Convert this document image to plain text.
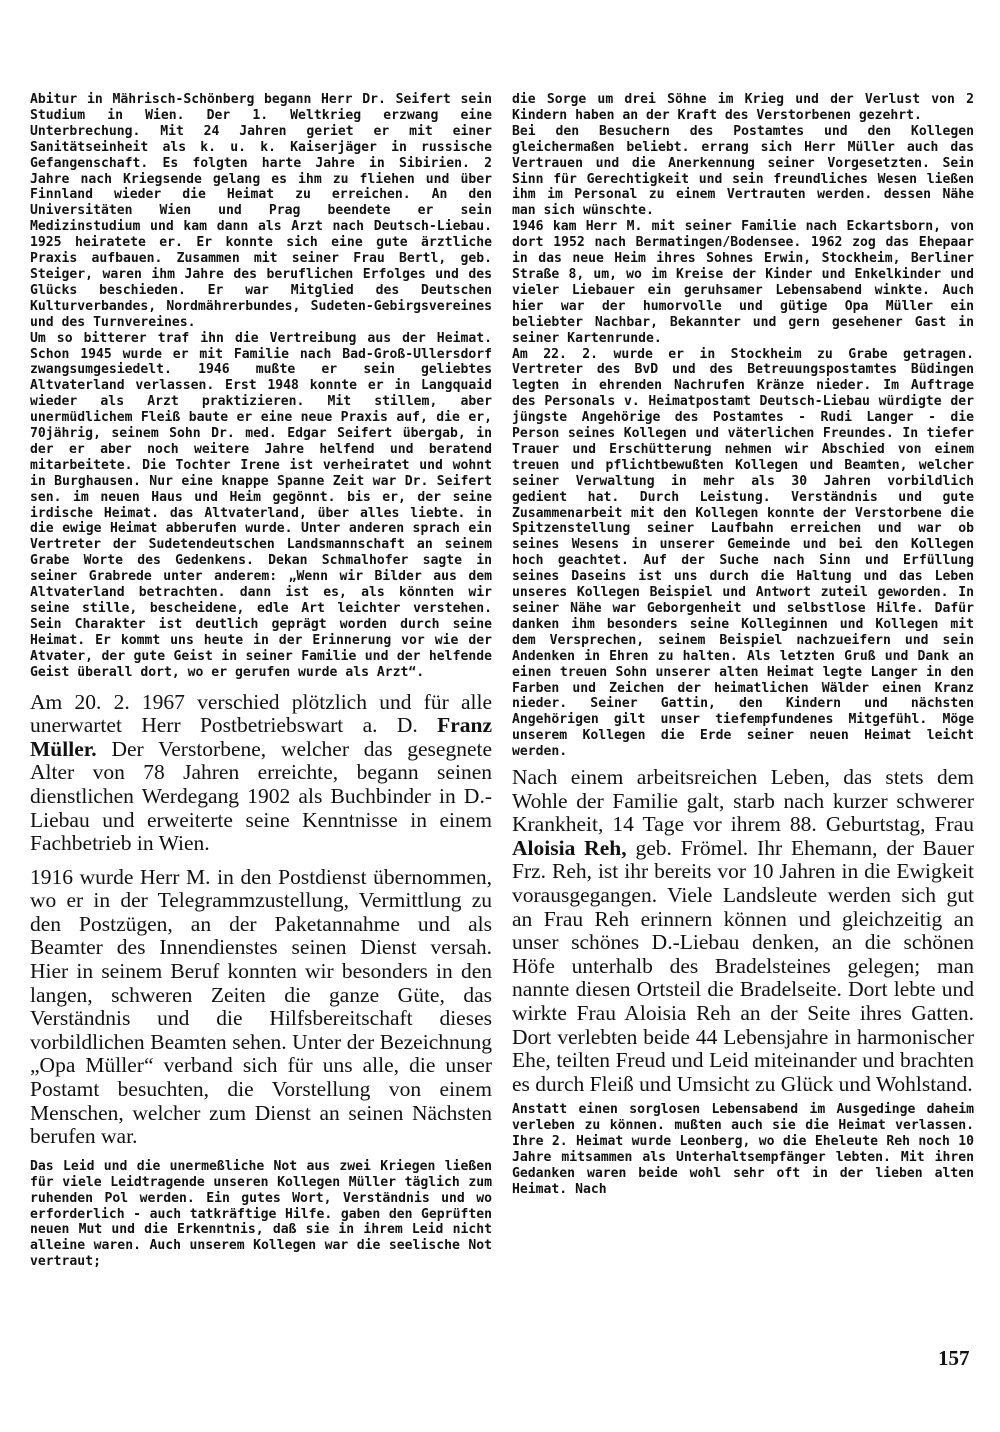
Abitur in Mährisch-Schönberg begann Herr Dr. Seifert sein Studium in Wien. Der 1. Weltkrieg erzwang eine Unterbrechung. Mit 24 Jahren geriet er mit einer Sanitätseinheit als k. u. k. Kaiserjäger in russische Gefangenschaft. Es folgten harte Jahre in Sibirien. 2 Jahre nach Kriegsende gelang es ihm zu fliehen und über Finnland wieder die Heimat zu erreichen. An den Universitäten Wien und Prag beendete er sein Medizinstudium und kam dann als Arzt nach Deutsch-Liebau. 1925 heiratete er. Er konnte sich eine gute ärztliche Praxis aufbauen. Zusammen mit seiner Frau Bertl, geb. Steiger, waren ihm Jahre des beruflichen Erfolges und des Glücks beschieden. Er war Mitglied des Deutschen Kulturverbandes, Nordmährerbundes, Sudeten-Gebirgsvereines und des Turnvereines.

Um so bitterer traf ihn die Vertreibung aus der Heimat. Schon 1945 wurde er mit Familie nach Bad-Groß-Ullersdorf zwangsumgesiedelt. 1946 mußte er sein geliebtes Altvaterland verlassen. Erst 1948 konnte er in Langquaid wieder als Arzt praktizieren. Mit stillem, aber unermüdlichem Fleiß baute er eine neue Praxis auf, die er, 70jährig, seinem Sohn Dr. med. Edgar Seifert übergab, in der er aber noch weitere Jahre helfend und beratend mitarbeitete. Die Tochter Irene ist verheiratet und wohnt in Burghausen. Nur eine knappe Spanne Zeit war Dr. Seifert sen. im neuen Haus und Heim gegönnt. bis er, der seine irdische Heimat. das Altvaterland, über alles liebte. in die ewige Heimat abberufen wurde. Unter anderen sprach ein Vertreter der Sudetendeutschen Landsmannschaft an seinem Grabe Worte des Gedenkens. Dekan Schmalhofer sagte in seiner Grabrede unter anderem: „Wenn wir Bilder aus dem Altvaterland betrachten. dann ist es, als könnten wir seine stille, bescheidene, edle Art leichter verstehen. Sein Charakter ist deutlich geprägt worden durch seine Heimat. Er kommt uns heute in der Erinnerung vor wie der Atvater, der gute Geist in seiner Familie und der helfende Geist überall dort, wo er gerufen wurde als Arzt“.

Am 20. 2. 1967 verschied plötzlich und für alle unerwartet Herr Postbetriebswart a. D. Franz Müller. Der Verstorbene, welcher das gesegnete Alter von 78 Jahren erreichte, begann seinen dienstlichen Werdegang 1902 als Buchbinder in D.-Liebau und erweiterte seine Kenntnisse in einem Fachbetrieb in Wien.

1916 wurde Herr M. in den Postdienst übernommen, wo er in der Telegrammzustellung, Vermittlung zu den Postzügen, an der Paketannahme und als Beamter des Innendienstes seinen Dienst versah. Hier in seinem Beruf konnten wir besonders in den langen, schweren Zeiten die ganze Güte, das Verständnis und die Hilfsbereitschaft dieses vorbildlichen Beamten sehen. Unter der Bezeichnung „Opa Müller“ verband sich für uns alle, die unser Postamt besuchten, die Vorstellung von einem Menschen, welcher zum Dienst an seinen Nächsten berufen war.

Das Leid und die unermeßliche Not aus zwei Kriegen ließen für viele Leidtragende unseren Kollegen Müller täglich zum ruhenden Pol werden. Ein gutes Wort, Verständnis und wo erforderlich - auch tatkräftige Hilfe. gaben den Geprüften neuen Mut und die Erkenntnis, daß sie in ihrem Leid nicht alleine waren. Auch unserem Kollegen war die seelische Not vertraut;

die Sorge um drei Söhne im Krieg und der Verlust von 2 Kindern haben an der Kraft des Verstorbenen gezehrt.

Bei den Besuchern des Postamtes und den Kollegen gleichermaßen beliebt. errang sich Herr Müller auch das Vertrauen und die Anerkennung seiner Vorgesetzten. Sein Sinn für Gerechtigkeit und sein freundliches Wesen ließen ihm im Personal zu einem Vertrauten werden. dessen Nähe man sich wünschte.

1946 kam Herr M. mit seiner Familie nach Eckartsborn, von dort 1952 nach Bermatingen/Bodensee. 1962 zog das Ehepaar in das neue Heim ihres Sohnes Erwin, Stockheim, Berliner Straße 8, um, wo im Kreise der Kinder und Enkelkinder und vieler Liebauer ein geruhsamer Lebensabend winkte. Auch hier war der humorvolle und gütige Opa Müller ein beliebter Nachbar, Bekannter und gern gesehener Gast in seiner Kartenrunde.

Am 22. 2. wurde er in Stockheim zu Grabe getragen. Vertreter des BvD und des Betreuungspostamtes Büdingen legten in ehrenden Nachrufen Kränze nieder. Im Auftrage des Personals v. Heimatpostamt Deutsch-Liebau würdigte der jüngste Angehörige des Postamtes - Rudi Langer - die Person seines Kollegen und väterlichen Freundes. In tiefer Trauer und Erschütterung nehmen wir Abschied von einem treuen und pflichtbewußten Kollegen und Beamten, welcher seiner Verwaltung in mehr als 30 Jahren vorbildlich gedient hat. Durch Leistung. Verständnis und gute Zusammenarbeit mit den Kollegen konnte der Verstorbene die Spitzenstellung seiner Laufbahn erreichen und war ob seines Wesens in unserer Gemeinde und bei den Kollegen hoch geachtet. Auf der Suche nach Sinn und Erfüllung seines Daseins ist uns durch die Haltung und das Leben unseres Kollegen Beispiel und Antwort zuteil geworden. In seiner Nähe war Geborgenheit und selbstlose Hilfe. Dafür danken ihm besonders seine Kolleginnen und Kollegen mit dem Versprechen, seinem Beispiel nachzueifern und sein Andenken in Ehren zu halten. Als letzten Gruß und Dank an einen treuen Sohn unserer alten Heimat legte Langer in den Farben und Zeichen der heimatlichen Wälder einen Kranz nieder. Seiner Gattin, den Kindern und nächsten Angehörigen gilt unser tiefempfundenes Mitgefühl. Möge unserem Kollegen die Erde seiner neuen Heimat leicht werden.

Nach einem arbeitsreichen Leben, das stets dem Wohle der Familie galt, starb nach kurzer schwerer Krankheit, 14 Tage vor ihrem 88. Geburtstag, Frau Aloisia Reh, geb. Frömel. Ihr Ehemann, der Bauer Frz. Reh, ist ihr bereits vor 10 Jahren in die Ewigkeit vorausgegangen. Viele Landsleute werden sich gut an Frau Reh erinnern können und gleichzeitig an unser schönes D.-Liebau denken, an die schönen Höfe unterhalb des Bradelsteines gelegen; man nannte diesen Ortsteil die Bradelseite. Dort lebte und wirkte Frau Aloisia Reh an der Seite ihres Gatten. Dort verlebten beide 44 Lebensjahre in harmonischer Ehe, teilten Freud und Leid miteinander und brachten es durch Fleiß und Umsicht zu Glück und Wohlstand.

Anstatt einen sorglosen Lebensabend im Ausgedinge daheim verleben zu können. mußten auch sie die Heimat verlassen. Ihre 2. Heimat wurde Leonberg, wo die Eheleute Reh noch 10 Jahre mitsammen als Unterhaltsempfänger lebten. Mit ihren Gedanken waren beide wohl sehr oft in der lieben alten Heimat. Nach

157
